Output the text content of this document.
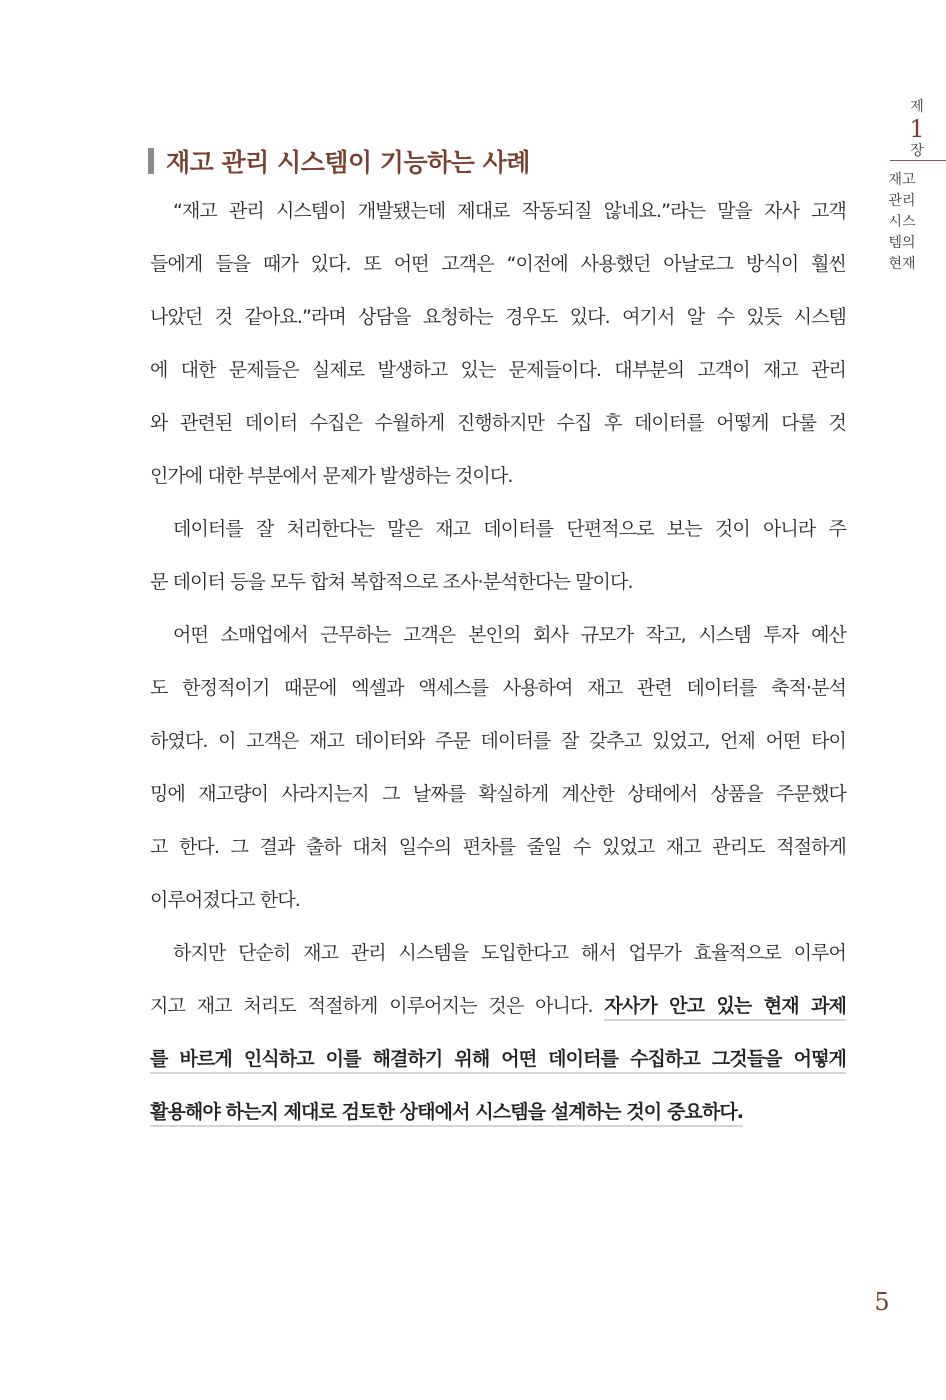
제
1
장
재고 관리 시스템의 현재
재고 관리 시스템이 기능하는 사례
“재고 관리 시스템이 개발됐는데 제대로 작동되질 않네요.”라는 말을 자사 고객
들에게 들을 때가 있다. 또 어떤 고객은 “이전에 사용했던 아날로그 방식이 훨씬
나았던 것 같아요.”라며 상담을 요청하는 경우도 있다. 여기서 알 수 있듯 시스템
에 대한 문제들은 실제로 발생하고 있는 문제들이다. 대부분의 고객이 재고 관리
와 관련된 데이터 수집은 수월하게 진행하지만 수집 후 데이터를 어떻게 다룰 것
인가에 대한 부분에서 문제가 발생하는 것이다.
데이터를 잘 처리한다는 말은 재고 데이터를 단편적으로 보는 것이 아니라 주
문 데이터 등을 모두 합쳐 복합적으로 조사·분석한다는 말이다.
어떤 소매업에서 근무하는 고객은 본인의 회사 규모가 작고, 시스템 투자 예산
도 한정적이기 때문에 엑셀과 액세스를 사용하여 재고 관련 데이터를 축적·분석
하였다. 이 고객은 재고 데이터와 주문 데이터를 잘 갖추고 있었고, 언제 어떤 타이
밍에 재고량이 사라지는지 그 날짜를 확실하게 계산한 상태에서 상품을 주문했다
고 한다. 그 결과 출하 대처 일수의 편차를 줄일 수 있었고 재고 관리도 적절하게
이루어졌다고 한다.
하지만 단순히 재고 관리 시스템을 도입한다고 해서 업무가 효율적으로 이루어
지고 재고 처리도 적절하게 이루어지는 것은 아니다. 자사가 안고 있는 현재 과제
를 바르게 인식하고 이를 해결하기 위해 어떤 데이터를 수집하고 그것들을 어떻게
활용해야 하는지 제대로 검토한 상태에서 시스템을 설계하는 것이 중요하다.
5
